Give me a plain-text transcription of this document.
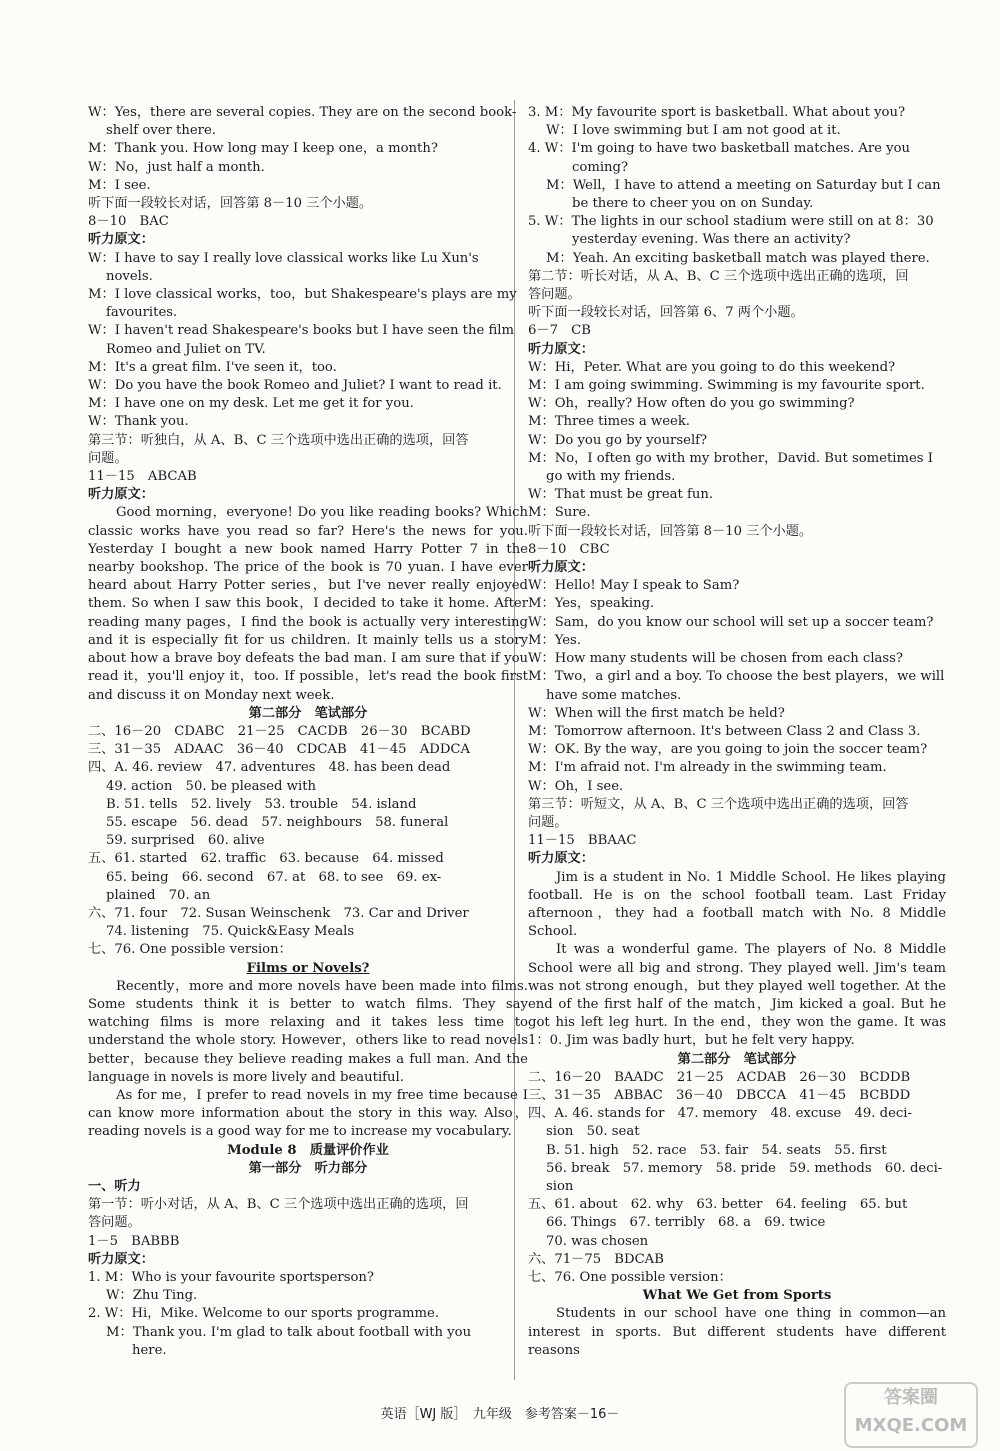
W：Yes，there are several copies. They are on the second book-
shelf over there.
M：Thank you. How long may I keep one，a month?
W：No，just half a month.
M：I see.
听下面一段较长对话，回答第 8－10 三个小题。
8－10　BAC
听力原文：
W：I have to say I really love classical works like Lu Xun's
novels.
M：I love classical works，too，but Shakespeare's plays are my
favourites.
W：I haven't read Shakespeare's books but I have seen the film
Romeo and Juliet on TV.
M：It's a great film. I've seen it，too.
W：Do you have the book Romeo and Juliet? I want to read it.
M：I have one on my desk. Let me get it for you.
W：Thank you.
第三节：听独白，从 A、B、C 三个选项中选出正确的选项，回答
问题。
11－15　ABCAB
听力原文：
Good morning，everyone! Do you like reading books? Which classic works have you read so far? Here's the news for you. Yesterday I bought a new book named Harry Potter 7 in the nearby bookshop. The price of the book is 70 yuan. I have ever heard about Harry Potter series，but I've never really enjoyed them. So when I saw this book，I decided to take it home. After reading many pages，I find the book is actually very interesting and it is especially fit for us children. It mainly tells us a story about how a brave boy defeats the bad man. I am sure that if you read it，you'll enjoy it，too. If possible，let's read the book first and discuss it on Monday next week.
第二部分　笔试部分
二、16－20　CDABC　21－25　CACDB　26－30　BCABD
三、31－35　ADAAC　36－40　CDCAB　41－45　ADDCA
四、A. 46. review　47. adventures　48. has been dead
49. action　50. be pleased with
B. 51. tells　52. lively　53. trouble　54. island
55. escape　56. dead　57. neighbours　58. funeral
59. surprised　60. alive
五、61. started　62. traffic　63. because　64. missed
65. being　66. second　67. at　68. to see　69. ex-
plained　70. an
六、71. four　72. Susan Weinschenk　73. Car and Driver
74. listening　75. Quick&Easy Meals
七、76. One possible version：
Films or Novels?
Recently，more and more novels have been made into films. Some students think it is better to watch films. They say watching films is more relaxing and it takes less time to understand the whole story. However，others like to read novels better，because they believe reading makes a full man. And the language in novels is more lively and beautiful.
As for me，I prefer to read novels in my free time because I can know more information about the story in this way. Also，reading novels is a good way for me to increase my vocabulary.
Module 8　质量评价作业
第一部分　听力部分
一、听力
第一节：听小对话，从 A、B、C 三个选项中选出正确的选项，回
答问题。
1－5　BABBB
听力原文：
1. M：Who is your favourite sportsperson?
W：Zhu Ting.
2. W：Hi，Mike. Welcome to our sports programme.
M：Thank you. I'm glad to talk about football with you
here.
3. M：My favourite sport is basketball. What about you?
W：I love swimming but I am not good at it.
4. W：I'm going to have two basketball matches. Are you
coming?
M：Well，I have to attend a meeting on Saturday but I can
be there to cheer you on on Sunday.
5. W：The lights in our school stadium were still on at 8：30
yesterday evening. Was there an activity?
M：Yeah. An exciting basketball match was played there.
第二节：听长对话，从 A、B、C 三个选项中选出正确的选项，回
答问题。
听下面一段较长对话，回答第 6、7 两个小题。
6－7　CB
听力原文：
W：Hi，Peter. What are you going to do this weekend?
M：I am going swimming. Swimming is my favourite sport.
W：Oh，really? How often do you go swimming?
M：Three times a week.
W：Do you go by yourself?
M：No，I often go with my brother，David. But sometimes I
go with my friends.
W：That must be great fun.
M：Sure.
听下面一段较长对话，回答第 8－10 三个小题。
8－10　CBC
听力原文：
W：Hello! May I speak to Sam?
M：Yes，speaking.
W：Sam，do you know our school will set up a soccer team?
M：Yes.
W：How many students will be chosen from each class?
M：Two，a girl and a boy. To choose the best players，we will
have some matches.
W：When will the first match be held?
M：Tomorrow afternoon. It's between Class 2 and Class 3.
W：OK. By the way，are you going to join the soccer team?
M：I'm afraid not. I'm already in the swimming team.
W：Oh，I see.
第三节：听短文，从 A、B、C 三个选项中选出正确的选项，回答
问题。
11－15　BBAAC
听力原文：
Jim is a student in No. 1 Middle School. He likes playing football. He is on the school football team. Last Friday afternoon，they had a football match with No. 8 Middle School.
It was a wonderful game. The players of No. 8 Middle School were all big and strong. They played well. Jim's team was not strong enough，but they played well together. At the end of the first half of the match，Jim kicked a goal. But he got his left leg hurt. In the end，they won the game. It was 1：0. Jim was badly hurt，but he felt very happy.
第二部分　笔试部分
二、16－20　BAADC　21－25　ACDAB　26－30　BCDDB
三、31－35　ABBAC　36－40　DBCCA　41－45　BCBDD
四、A. 46. stands for　47. memory　48. excuse　49. deci-
sion　50. seat
B. 51. high　52. race　53. fair　54. seats　55. first
56. break　57. memory　58. pride　59. methods　60. deci-
sion
五、61. about　62. why　63. better　64. feeling　65. but
66. Things　67. terribly　68. a　69. twice
70. was chosen
六、71－75　BDCAB
七、76. One possible version：
What We Get from Sports
Students in our school have one thing in common—an interest in sports. But different students have different reasons
英语［WJ 版］　九年级　参考答案－16－
答案圈 MXQE.COM
